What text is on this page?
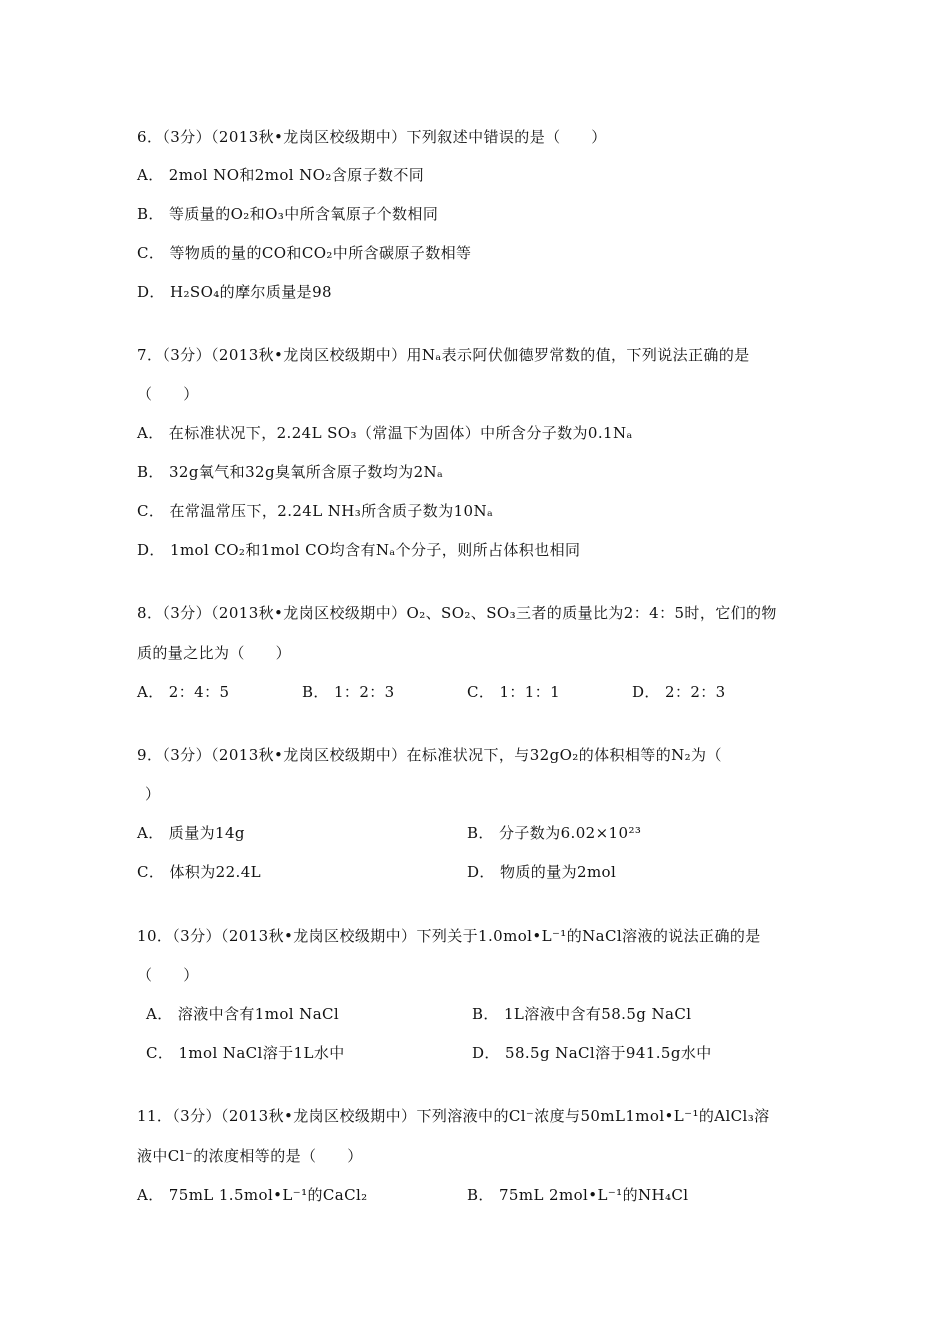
6．（3分）（2013秋•龙岗区校级期中）下列叙述中错误的是（　　）
A． 2mol NO和2mol NO₂含原子数不同
B． 等质量的O₂和O₃中所含氧原子个数相同
C． 等物质的量的CO和CO₂中所含碳原子数相等
D． H₂SO₄的摩尔质量是98
7．（3分）（2013秋•龙岗区校级期中）用Nₐ表示阿伏伽德罗常数的值，下列说法正确的是
（　　）
A． 在标准状况下，2.24L SO₃（常温下为固体）中所含分子数为0.1Nₐ
B． 32g氧气和32g臭氧所含原子数均为2Nₐ
C． 在常温常压下，2.24L NH₃所含质子数为10Nₐ
D． 1mol CO₂和1mol CO均含有Nₐ个分子，则所占体积也相同
8．（3分）（2013秋•龙岗区校级期中）O₂、SO₂、SO₃三者的质量比为2：4：5时，它们的物
质的量之比为（　　）
A． 2：4：5	B． 1：2：3	C． 1：1：1	D． 2：2：3
9．（3分）（2013秋•龙岗区校级期中）在标准状况下，与32gO₂的体积相等的N₂为（
）
A． 质量为14g	B． 分子数为6.02×10²³
C． 体积为22.4L	D． 物质的量为2mol
10．（3分）（2013秋•龙岗区校级期中）下列关于1.0mol•L⁻¹的NaCl溶液的说法正确的是
（　　）
A． 溶液中含有1mol NaCl	B． 1L溶液中含有58.5g NaCl
C． 1mol NaCl溶于1L水中	D． 58.5g NaCl溶于941.5g水中
11．（3分）（2013秋•龙岗区校级期中）下列溶液中的Cl⁻浓度与50mL1mol•L⁻¹的AlCl₃溶
液中Cl⁻的浓度相等的是（　　）
A． 75mL 1.5mol•L⁻¹的CaCl₂	B． 75mL 2mol•L⁻¹的NH₄Cl
